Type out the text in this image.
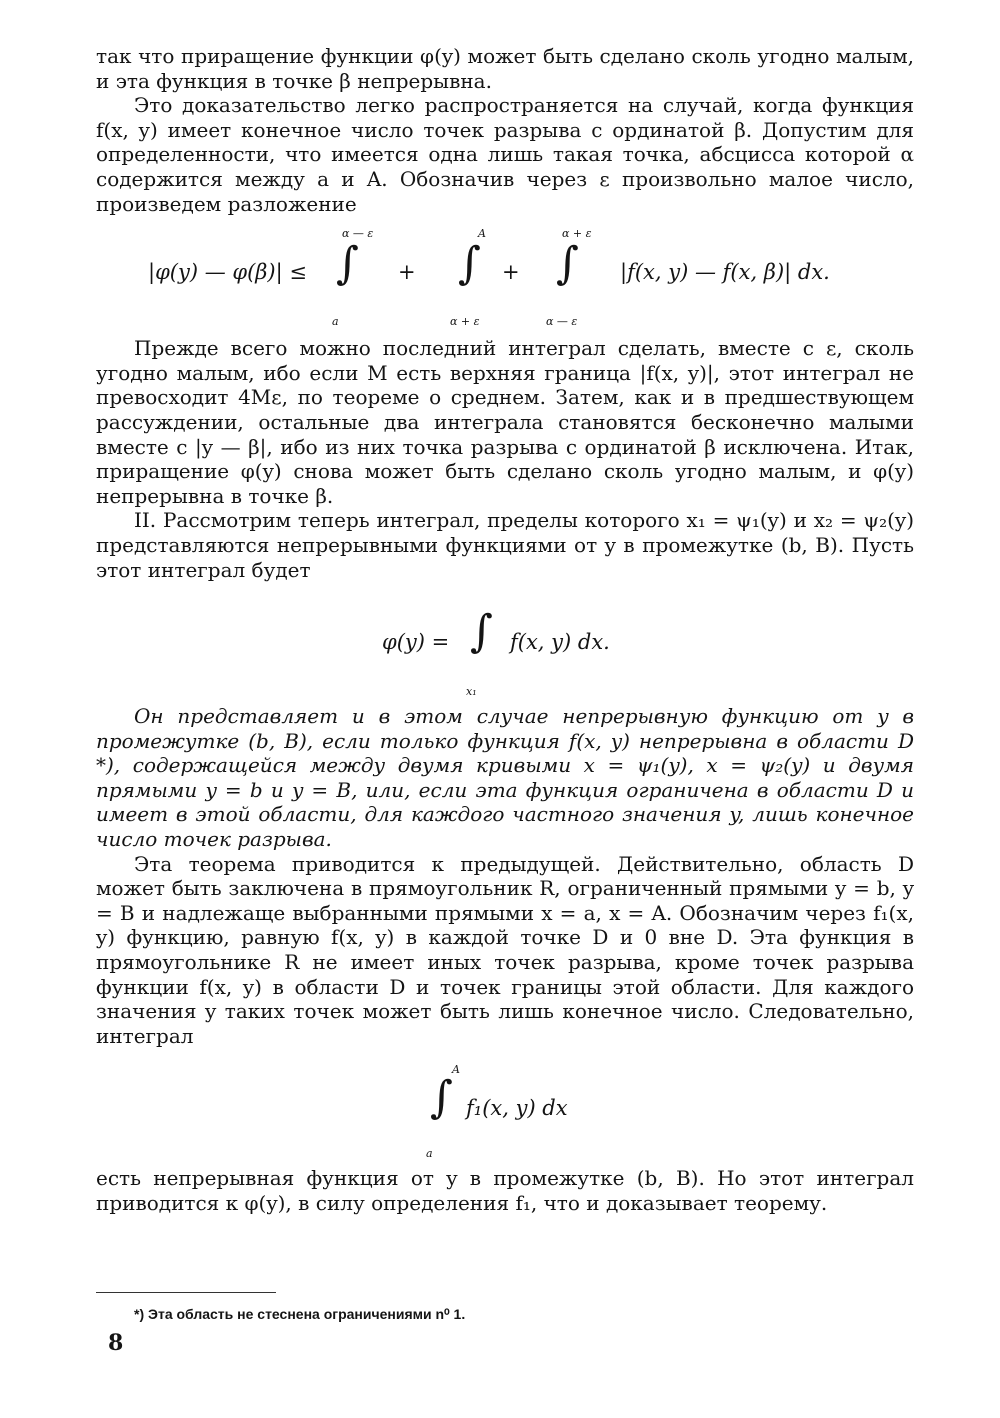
так что приращение функции φ(y) может быть сделано сколь угодно малым, и эта функция в точке β непрерывна.

Это доказательство легко распространяется на случай, когда функция f(x, y) имеет конечное число точек разрыва с ординатой β. Допустим для определенности, что имеется одна лишь такая точка, абсцисса которой α содержится между a и A. Обозначив через ε произвольно малое число, произведем разложение

|φ(y) — φ(β)| ≤
α — ε
∫
a
+
A
∫
α + ε
+
α + ε
∫
α — ε
|f(x, y) — f(x, β)| dx.

Прежде всего можно последний интеграл сделать, вместе с ε, сколь угодно малым, ибо если M есть верхняя граница |f(x, y)|, этот интеграл не превосходит 4Mε, по теореме о среднем. Затем, как и в предшествующем рассуждении, остальные два интеграла становятся бесконечно малыми вместе с |y — β|, ибо из них точка разрыва с ординатой β исключена. Итак, приращение φ(y) снова может быть сделано сколь угодно малым, и φ(y) непрерывна в точке β.

II. Рассмотрим теперь интеграл, пределы которого x₁ = ψ₁(y) и x₂ = ψ₂(y) представляются непрерывными функциями от y в промежутке (b, B). Пусть этот интеграл будет

φ(y) = ∫
x₁
f(x, y) dx.

Он представляет и в этом случае непрерывную функцию от y в промежутке (b, B), если только функция f(x, y) непрерывна в области D *), содержащейся между двумя кривыми x = ψ₁(y), x = ψ₂(y) и двумя прямыми y = b и y = B, или, если эта функция ограничена в области D и имеет в этой области, для каждого частного значения y, лишь конечное число точек разрыва.

Эта теорема приводится к предыдущей. Действительно, область D может быть заключена в прямоугольник R, ограниченный прямыми y = b, y = B и надлежаще выбранными прямыми x = a, x = A. Обозначим через f₁(x, y) функцию, равную f(x, y) в каждой точке D и 0 вне D. Эта функция в прямоугольнике R не имеет иных точек разрыва, кроме точек разрыва функции f(x, y) в области D и точек границы этой области. Для каждого значения y таких точек может быть лишь конечное число. Следовательно, интеграл

A
∫
a
f₁(x, y) dx

есть непрерывная функция от y в промежутке (b, B). Но этот интеграл приводится к φ(y), в силу определения f₁, что и доказывает теорему.

*) Эта область не стеснена ограничениями n⁰ 1.
8
